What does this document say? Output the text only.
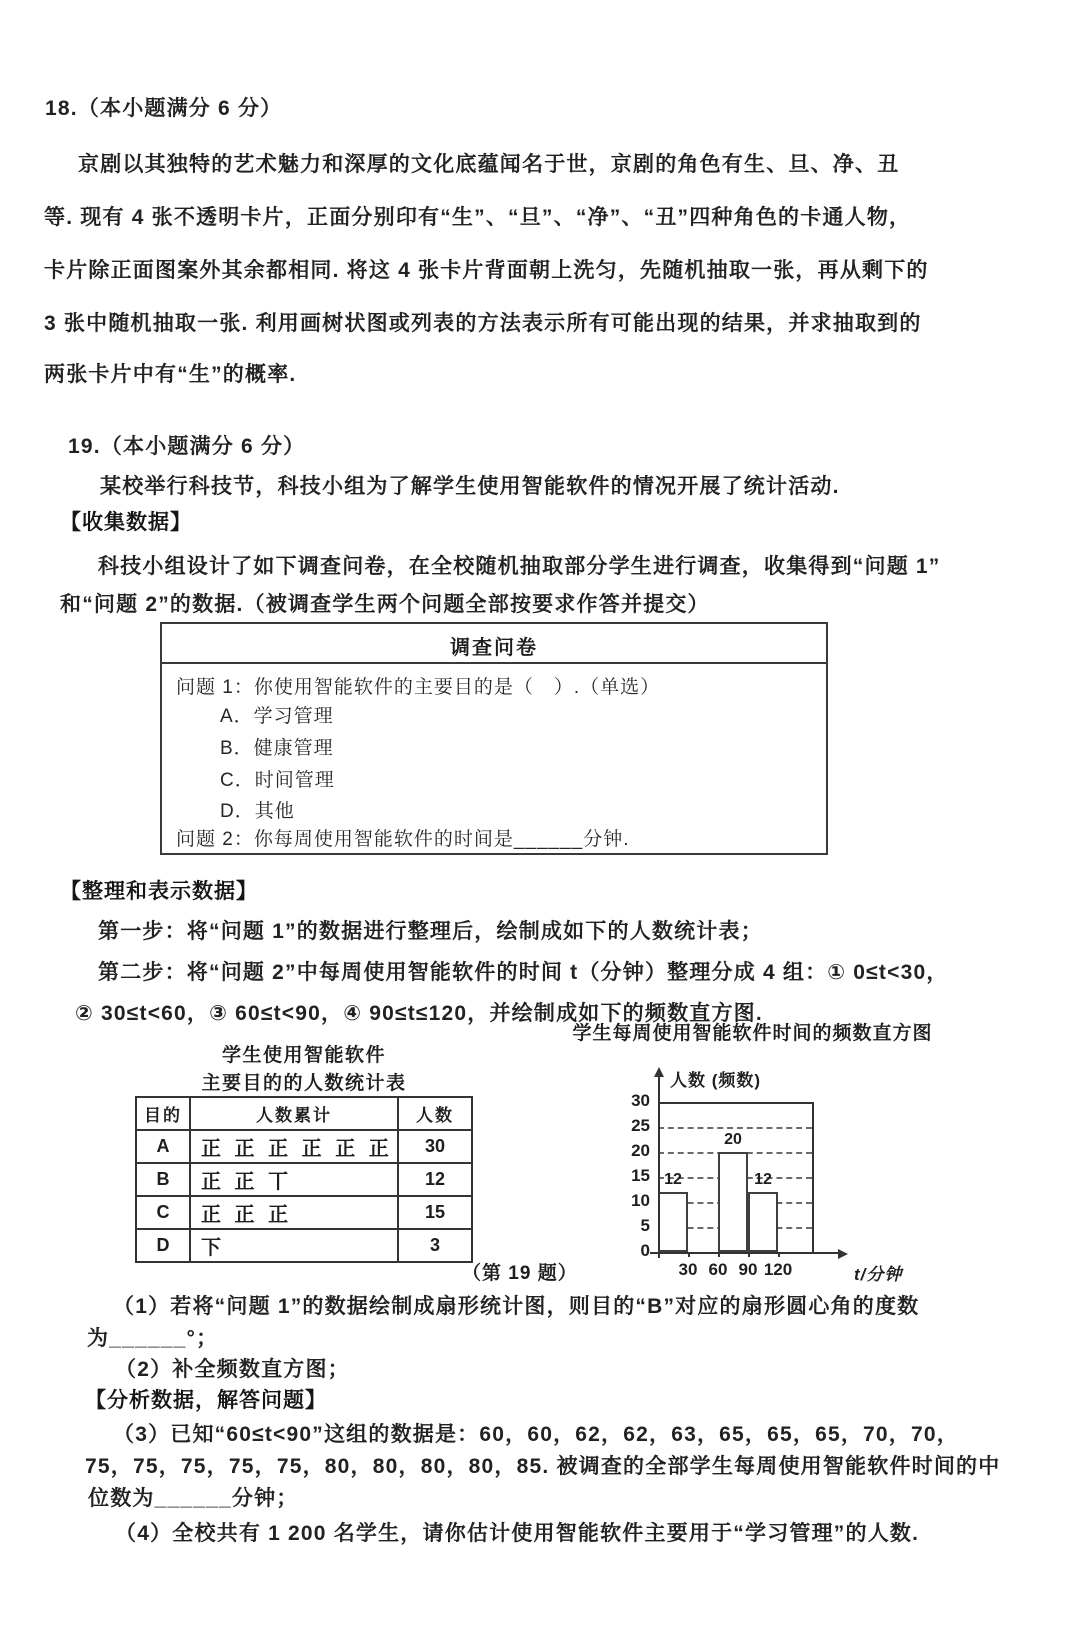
18.（本小题满分 6 分）
京剧以其独特的艺术魅力和深厚的文化底蕴闻名于世，京剧的角色有生、旦、净、丑
等. 现有 4 张不透明卡片，正面分别印有“生”、“旦”、“净”、“丑”四种角色的卡通人物，
卡片除正面图案外其余都相同. 将这 4 张卡片背面朝上洗匀，先随机抽取一张，再从剩下的
3 张中随机抽取一张. 利用画树状图或列表的方法表示所有可能出现的结果，并求抽取到的
两张卡片中有“生”的概率.
19.（本小题满分 6 分）
某校举行科技节，科技小组为了解学生使用智能软件的情况开展了统计活动.
【收集数据】
科技小组设计了如下调查问卷，在全校随机抽取部分学生进行调查，收集得到“问题 1”
和“问题 2”的数据.（被调查学生两个问题全部按要求作答并提交）
调查问卷
问题 1：你使用智能软件的主要目的是（　）.（单选）
A．学习管理
B．健康管理
C．时间管理
D．其他
问题 2：你每周使用智能软件的时间是______分钟.
【整理和表示数据】
第一步：将“问题 1”的数据进行整理后，绘制成如下的人数统计表；
第二步：将“问题 2”中每周使用智能软件的时间 t（分钟）整理分成 4 组：① 0≤t<30，
② 30≤t<60，③ 60≤t<90，④ 90≤t≤120，并绘制成如下的频数直方图.
学生使用智能软件
主要目的的人数统计表
目的	人数累计	人数
A	正 正 正 正 正 正	30
B	正 正 丅	12
C	正 正 正	15
D	下	3
学生每周使用智能软件时间的频数直方图
0
5
10
15
20
25
30
12
20
12
30 60 90 120
人数 (频数)
t/分钟
（第 19 题）
（1）若将“问题 1”的数据绘制成扇形统计图，则目的“B”对应的扇形圆心角的度数
为______°；
（2）补全频数直方图；
【分析数据，解答问题】
（3）已知“60≤t<90”这组的数据是：60，60，62，62，63，65，65，65，70，70，
75，75，75，75，75，80，80，80，80，85. 被调查的全部学生每周使用智能软件时间的中
位数为______分钟；
（4）全校共有 1 200 名学生，请你估计使用智能软件主要用于“学习管理”的人数.
